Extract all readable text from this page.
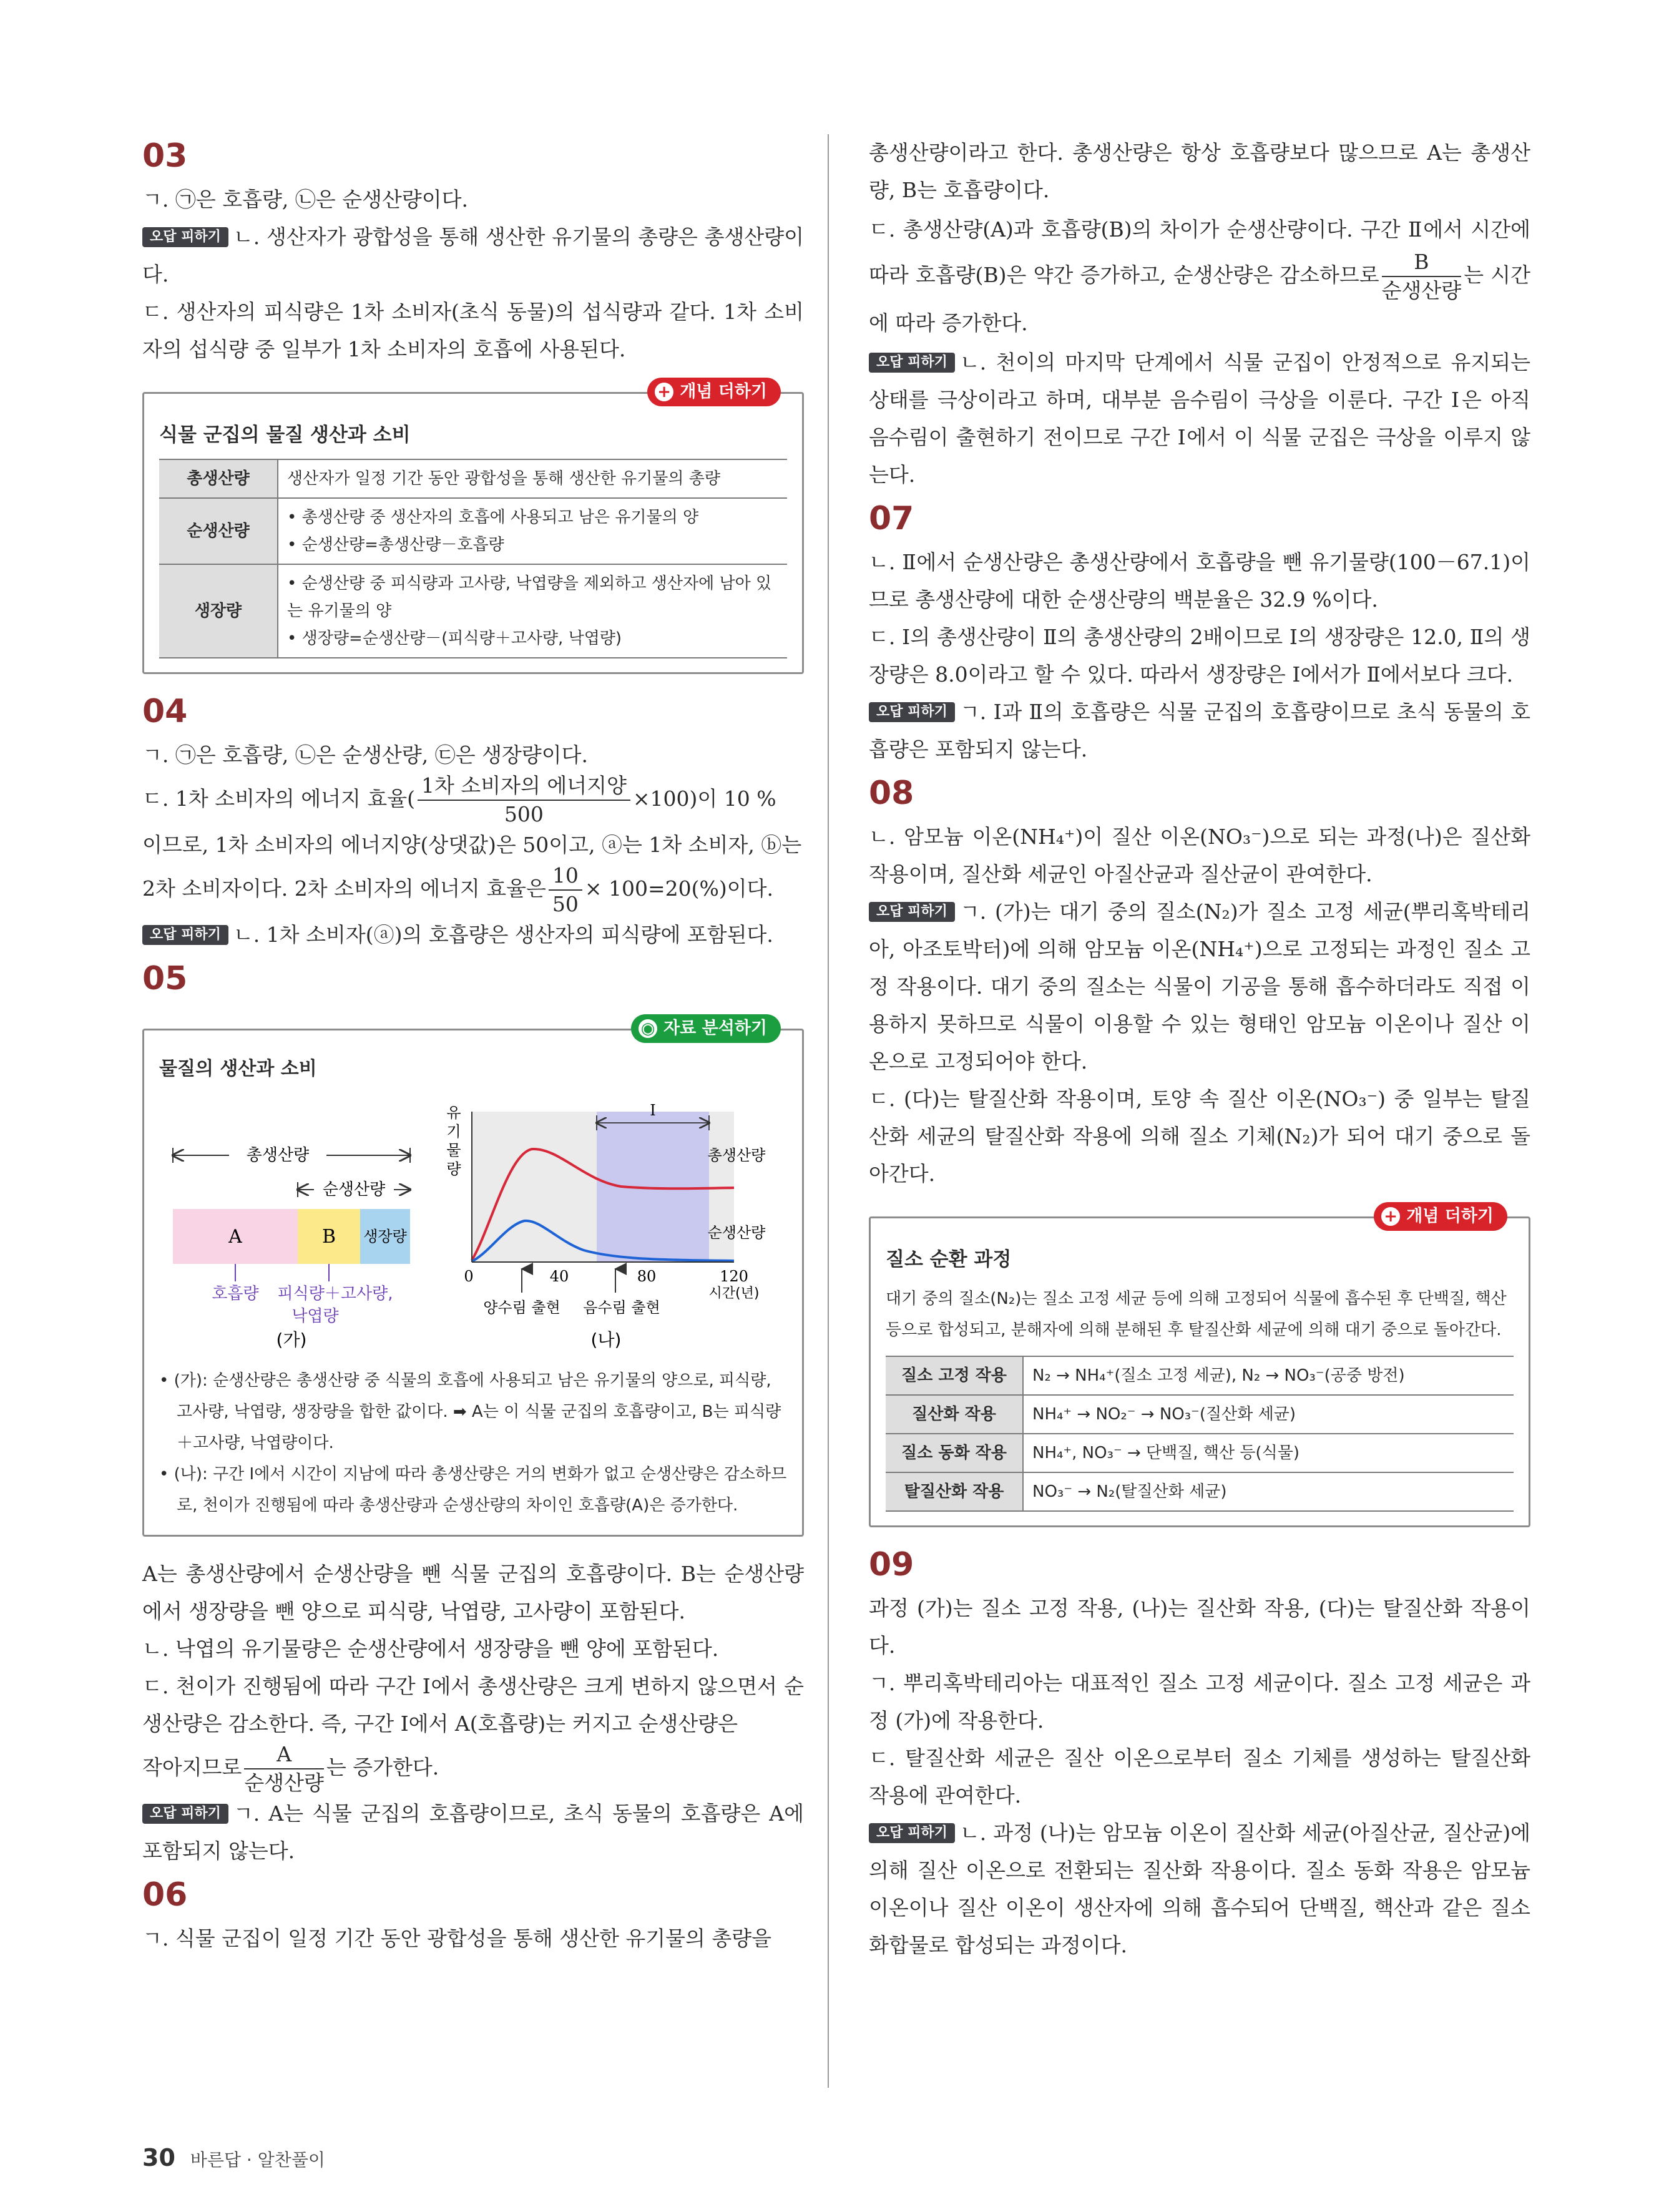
03
ㄱ. ㉠은 호흡량, ㉡은 순생산량이다.
오답 피하기 ㄴ. 생산자가 광합성을 통해 생산한 유기물의 총량은 총생산량이다.
ㄷ. 생산자의 피식량은 1차 소비자(초식 동물)의 섭식량과 같다. 1차 소비자의 섭식량 중 일부가 1차 소비자의 호흡에 사용된다.
+ 개념 더하기
식물 군집의 물질 생산과 소비
총생산량	생산자가 일정 기간 동안 광합성을 통해 생산한 유기물의 총량

순생산량	• 총생산량 중 생산자의 호흡에 사용되고 남은 유기물의 양
• 순생산량=총생산량－호흡량

생장량	• 순생산량 중 피식량과 고사량, 낙엽량을 제외하고 생산자에 남아 있는 유기물의 양
• 생장량=순생산량－(피식량＋고사량, 낙엽량)
04
ㄱ. ㉠은 호흡량, ㉡은 순생산량, ㉢은 생장량이다.
ㄷ. 1차 소비자의 에너지 효율( $\frac{\text{1차 소비자의 에너지양}}{500} \times 100$)이 10 %
이므로, 1차 소비자의 에너지양(상댓값)은 50이고, ⓐ는 1차 소비자, ⓑ는
2차 소비자이다. 2차 소비자의 에너지 효율은 $\frac{10}{50} \times 100=20(\%)$이다.
오답 피하기 ㄴ. 1차 소비자(ⓐ)의 호흡량은 생산자의 피식량에 포함된다.
05
◉ 자료 분석하기
물질의 생산과 소비
총생산량
순생산량
A	B 생장량
호흡량 피식량＋고사량,
낙엽량
(가)
유
기
물
량
Ⅰ
총생산량
순생산량
0	40	80	120
시간(년)
양수림 출현 음수림 출현
(나)
• (가): 순생산량은 총생산량 중 식물의 호흡에 사용되고 남은 유기물의 양으로, 피식량, 고사량, 낙엽량, 생장량을 합한 값이다. ➡ A는 이 식물 군집의 호흡량이고, B는 피식량＋고사량, 낙엽량이다.
• (나): 구간 Ⅰ에서 시간이 지남에 따라 총생산량은 거의 변화가 없고 순생산량은 감소하므로, 천이가 진행됨에 따라 총생산량과 순생산량의 차이인 호흡량(A)은 증가한다.
A는 총생산량에서 순생산량을 뺀 식물 군집의 호흡량이다. B는 순생산량에서 생장량을 뺀 양으로 피식량, 낙엽량, 고사량이 포함된다.
ㄴ. 낙엽의 유기물량은 순생산량에서 생장량을 뺀 양에 포함된다.
ㄷ. 천이가 진행됨에 따라 구간 Ⅰ에서 총생산량은 크게 변하지 않으면서 순생산량은 감소한다. 즉, 구간 Ⅰ에서 A(호흡량)는 커지고 순생산량은
작아지므로 $\frac{A}{\text{순생산량}}$ 는 증가한다.
오답 피하기 ㄱ. A는 식물 군집의 호흡량이므로, 초식 동물의 호흡량은 A에 포함되지 않는다.
06
ㄱ. 식물 군집이 일정 기간 동안 광합성을 통해 생산한 유기물의 총량을
총생산량이라고 한다. 총생산량은 항상 호흡량보다 많으므로 A는 총생산량, B는 호흡량이다.
ㄷ. 총생산량(A)과 호흡량(B)의 차이가 순생산량이다. 구간 Ⅱ에서 시간에 따라 호흡량(B)은 약간 증가하고, 순생산량은 감소하므로 $\frac{B}{\text{순생산량}}$ 는 시간에 따라 증가한다.
오답 피하기 ㄴ. 천이의 마지막 단계에서 식물 군집이 안정적으로 유지되는 상태를 극상이라고 하며, 대부분 음수림이 극상을 이룬다. 구간 Ⅰ은 아직 음수림이 출현하기 전이므로 구간 Ⅰ에서 이 식물 군집은 극상을 이루지 않는다.
07
ㄴ. Ⅱ에서 순생산량은 총생산량에서 호흡량을 뺀 유기물량(100－67.1)이므로 총생산량에 대한 순생산량의 백분율은 32.9 %이다.
ㄷ. Ⅰ의 총생산량이 Ⅱ의 총생산량의 2배이므로 Ⅰ의 생장량은 12.0, Ⅱ의 생장량은 8.0이라고 할 수 있다. 따라서 생장량은 Ⅰ에서가 Ⅱ에서보다 크다.
오답 피하기 ㄱ. Ⅰ과 Ⅱ의 호흡량은 식물 군집의 호흡량이므로 초식 동물의 호흡량은 포함되지 않는다.
08
ㄴ. 암모늄 이온(NH₄⁺)이 질산 이온(NO₃⁻)으로 되는 과정(나)은 질산화 작용이며, 질산화 세균인 아질산균과 질산균이 관여한다.
오답 피하기 ㄱ. (가)는 대기 중의 질소(N₂)가 질소 고정 세균(뿌리혹박테리아, 아조토박터)에 의해 암모늄 이온(NH₄⁺)으로 고정되는 과정인 질소 고정 작용이다. 대기 중의 질소는 식물이 기공을 통해 흡수하더라도 직접 이용하지 못하므로 식물이 이용할 수 있는 형태인 암모늄 이온이나 질산 이온으로 고정되어야 한다.
ㄷ. (다)는 탈질산화 작용이며, 토양 속 질산 이온(NO₃⁻) 중 일부는 탈질산화 세균의 탈질산화 작용에 의해 질소 기체(N₂)가 되어 대기 중으로 돌아간다.
+ 개념 더하기
질소 순환 과정
대기 중의 질소(N₂)는 질소 고정 세균 등에 의해 고정되어 식물에 흡수된 후 단백질, 핵산 등으로 합성되고, 분해자에 의해 분해된 후 탈질산화 세균에 의해 대기 중으로 돌아간다.
질소 고정 작용	N₂ → NH₄⁺(질소 고정 세균), N₂ → NO₃⁻(공중 방전)
질산화 작용	NH₄⁺ → NO₂⁻ → NO₃⁻(질산화 세균)
질소 동화 작용	NH₄⁺, NO₃⁻ → 단백질, 핵산 등(식물)
탈질산화 작용	NO₃⁻ → N₂(탈질산화 세균)
09
과정 (가)는 질소 고정 작용, (나)는 질산화 작용, (다)는 탈질산화 작용이다.
ㄱ. 뿌리혹박테리아는 대표적인 질소 고정 세균이다. 질소 고정 세균은 과정 (가)에 작용한다.
ㄷ. 탈질산화 세균은 질산 이온으로부터 질소 기체를 생성하는 탈질산화 작용에 관여한다.
오답 피하기 ㄴ. 과정 (나)는 암모늄 이온이 질산화 세균(아질산균, 질산균)에 의해 질산 이온으로 전환되는 질산화 작용이다. 질소 동화 작용은 암모늄 이온이나 질산 이온이 생산자에 의해 흡수되어 단백질, 핵산과 같은 질소 화합물로 합성되는 과정이다.
30 바른답 · 알찬풀이
